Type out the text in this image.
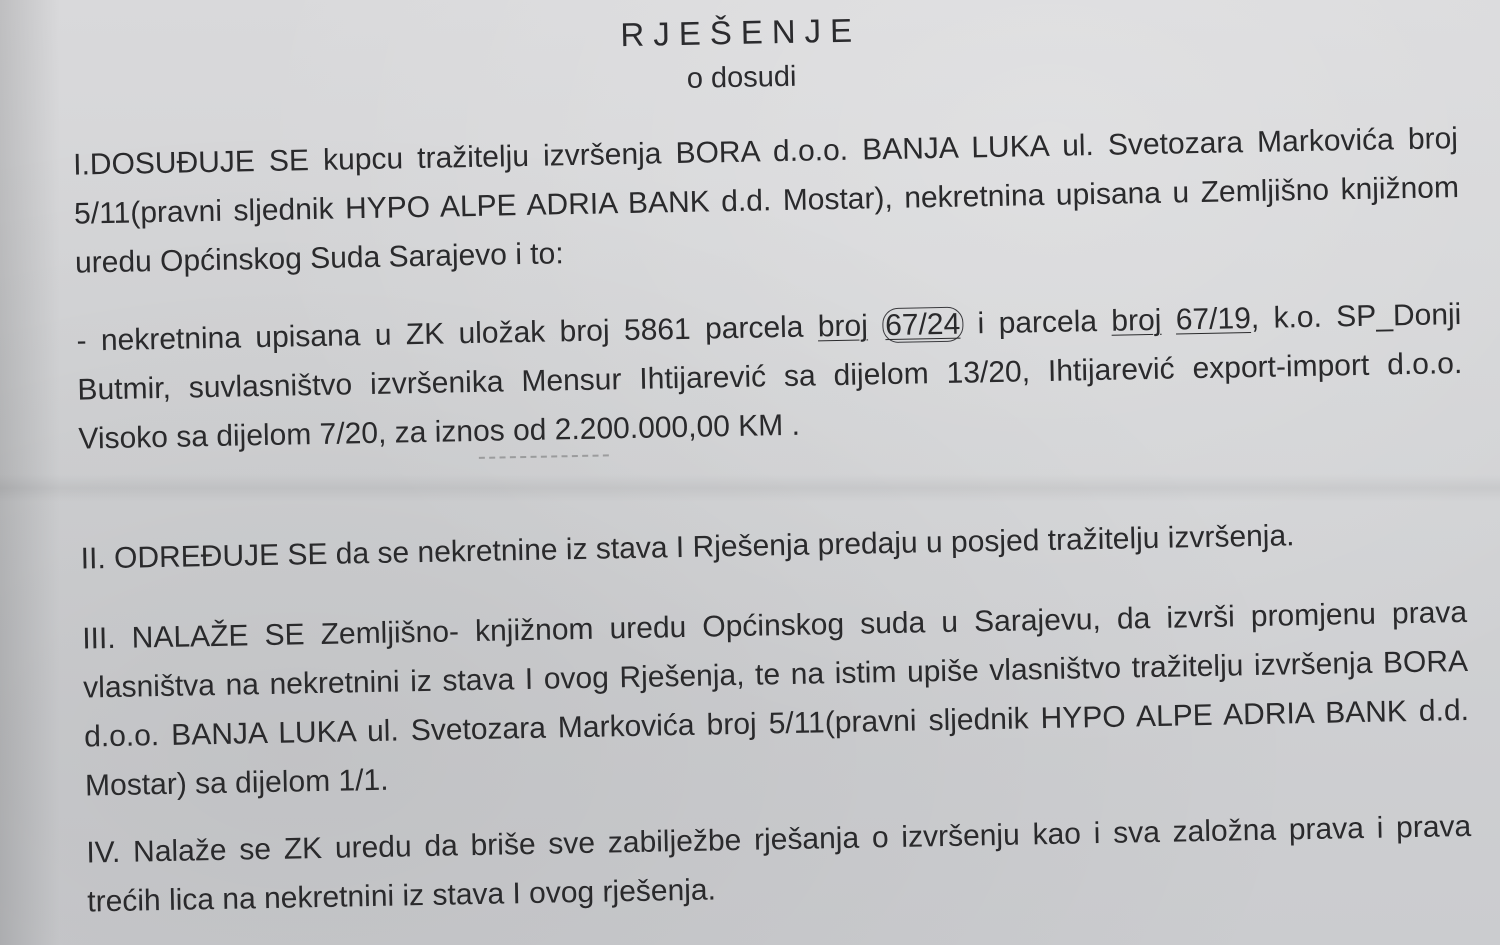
RJEŠENJE
o dosudi
I.DOSUĐUJE SE kupcu tražitelju izvršenja BORA d.o.o. BANJA LUKA ul. Svetozara Markovića broj 5/11(pravni sljednik HYPO ALPE ADRIA BANK d.d. Mostar), nekretnina upisana u Zemljišno knjižnom uredu Općinskog Suda Sarajevo i to:
- nekretnina upisana u ZK uložak broj 5861 parcela broj 67/24 i parcela broj 67/19, k.o. SP_Donji Butmir, suvlasništvo izvršenika Mensur Ihtijarević sa dijelom 13/20, Ihtijarević export-import d.o.o. Visoko sa dijelom 7/20, za iznos od 2.200.000,00 KM .
II. ODREĐUJE SE da se nekretnine iz stava I Rješenja predaju u posjed tražitelju izvršenja.
III. NALAŽE SE Zemljišno- knjižnom uredu Općinskog suda u Sarajevu, da izvrši promjenu prava vlasništva na nekretnini iz stava I ovog Rješenja, te na istim upiše vlasništvo tražitelju izvršenja BORA d.o.o. BANJA LUKA ul. Svetozara Markovića broj 5/11(pravni sljednik HYPO ALPE ADRIA BANK d.d. Mostar) sa dijelom 1/1.
IV. Nalaže se ZK uredu da briše sve zabilježbe rješanja o izvršenju kao i sva založna prava i prava trećih lica na nekretnini iz stava I ovog rješenja.
